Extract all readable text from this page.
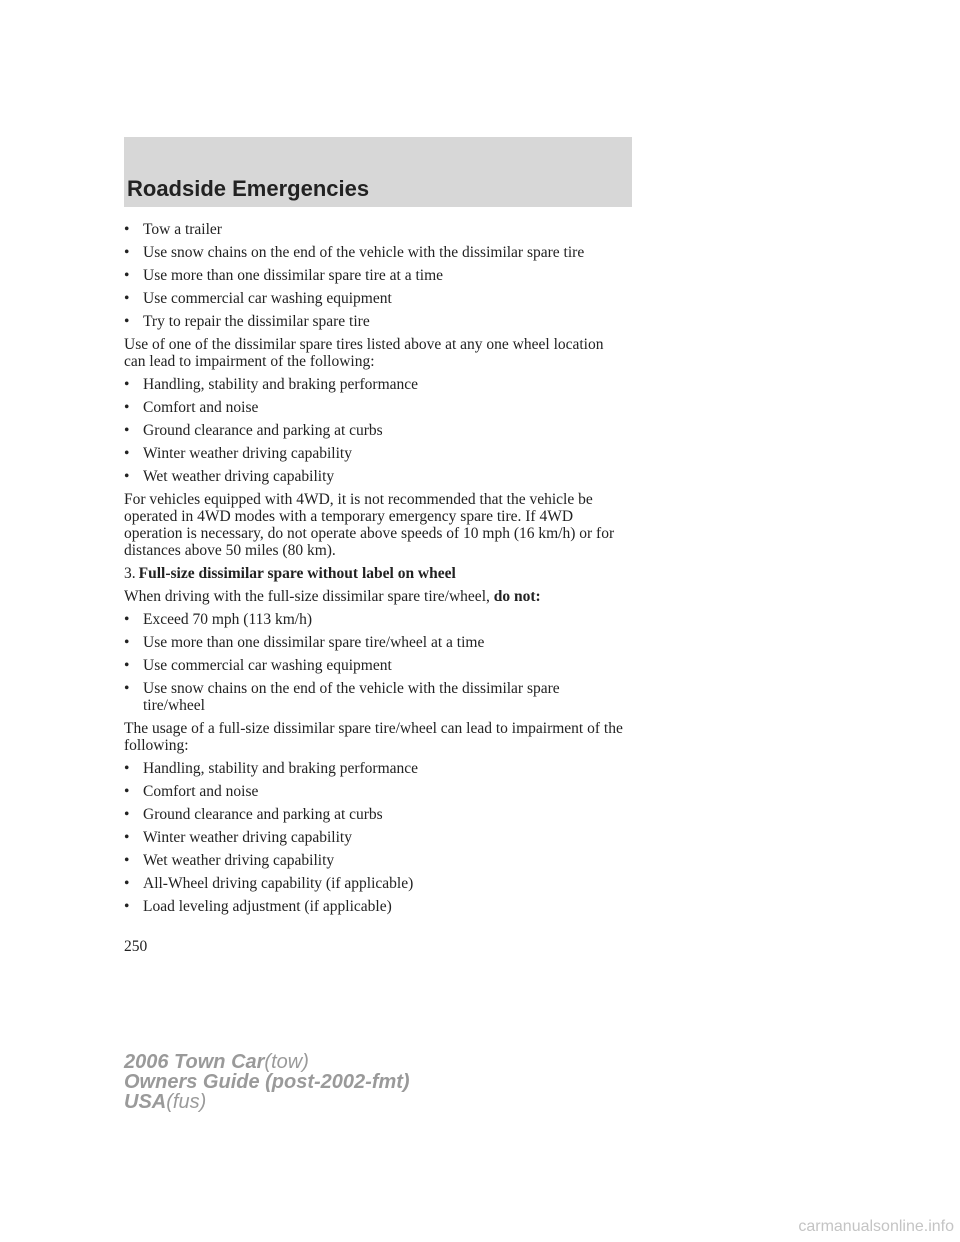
Roadside Emergencies
• Tow a trailer
• Use snow chains on the end of the vehicle with the dissimilar spare tire
• Use more than one dissimilar spare tire at a time
• Use commercial car washing equipment
• Try to repair the dissimilar spare tire
Use of one of the dissimilar spare tires listed above at any one wheel location can lead to impairment of the following:
• Handling, stability and braking performance
• Comfort and noise
• Ground clearance and parking at curbs
• Winter weather driving capability
• Wet weather driving capability
For vehicles equipped with 4WD, it is not recommended that the vehicle be operated in 4WD modes with a temporary emergency spare tire. If 4WD operation is necessary, do not operate above speeds of 10 mph (16 km/h) or for distances above 50 miles (80 km).
3. Full-size dissimilar spare without label on wheel
When driving with the full-size dissimilar spare tire/wheel, do not:
• Exceed 70 mph (113 km/h)
• Use more than one dissimilar spare tire/wheel at a time
• Use commercial car washing equipment
• Use snow chains on the end of the vehicle with the dissimilar spare tire/wheel
The usage of a full-size dissimilar spare tire/wheel can lead to impairment of the following:
• Handling, stability and braking performance
• Comfort and noise
• Ground clearance and parking at curbs
• Winter weather driving capability
• Wet weather driving capability
• All-Wheel driving capability (if applicable)
• Load leveling adjustment (if applicable)
250
2006 Town Car(tow)
Owners Guide (post-2002-fmt)
USA(fus)
carmanualsonline.info
